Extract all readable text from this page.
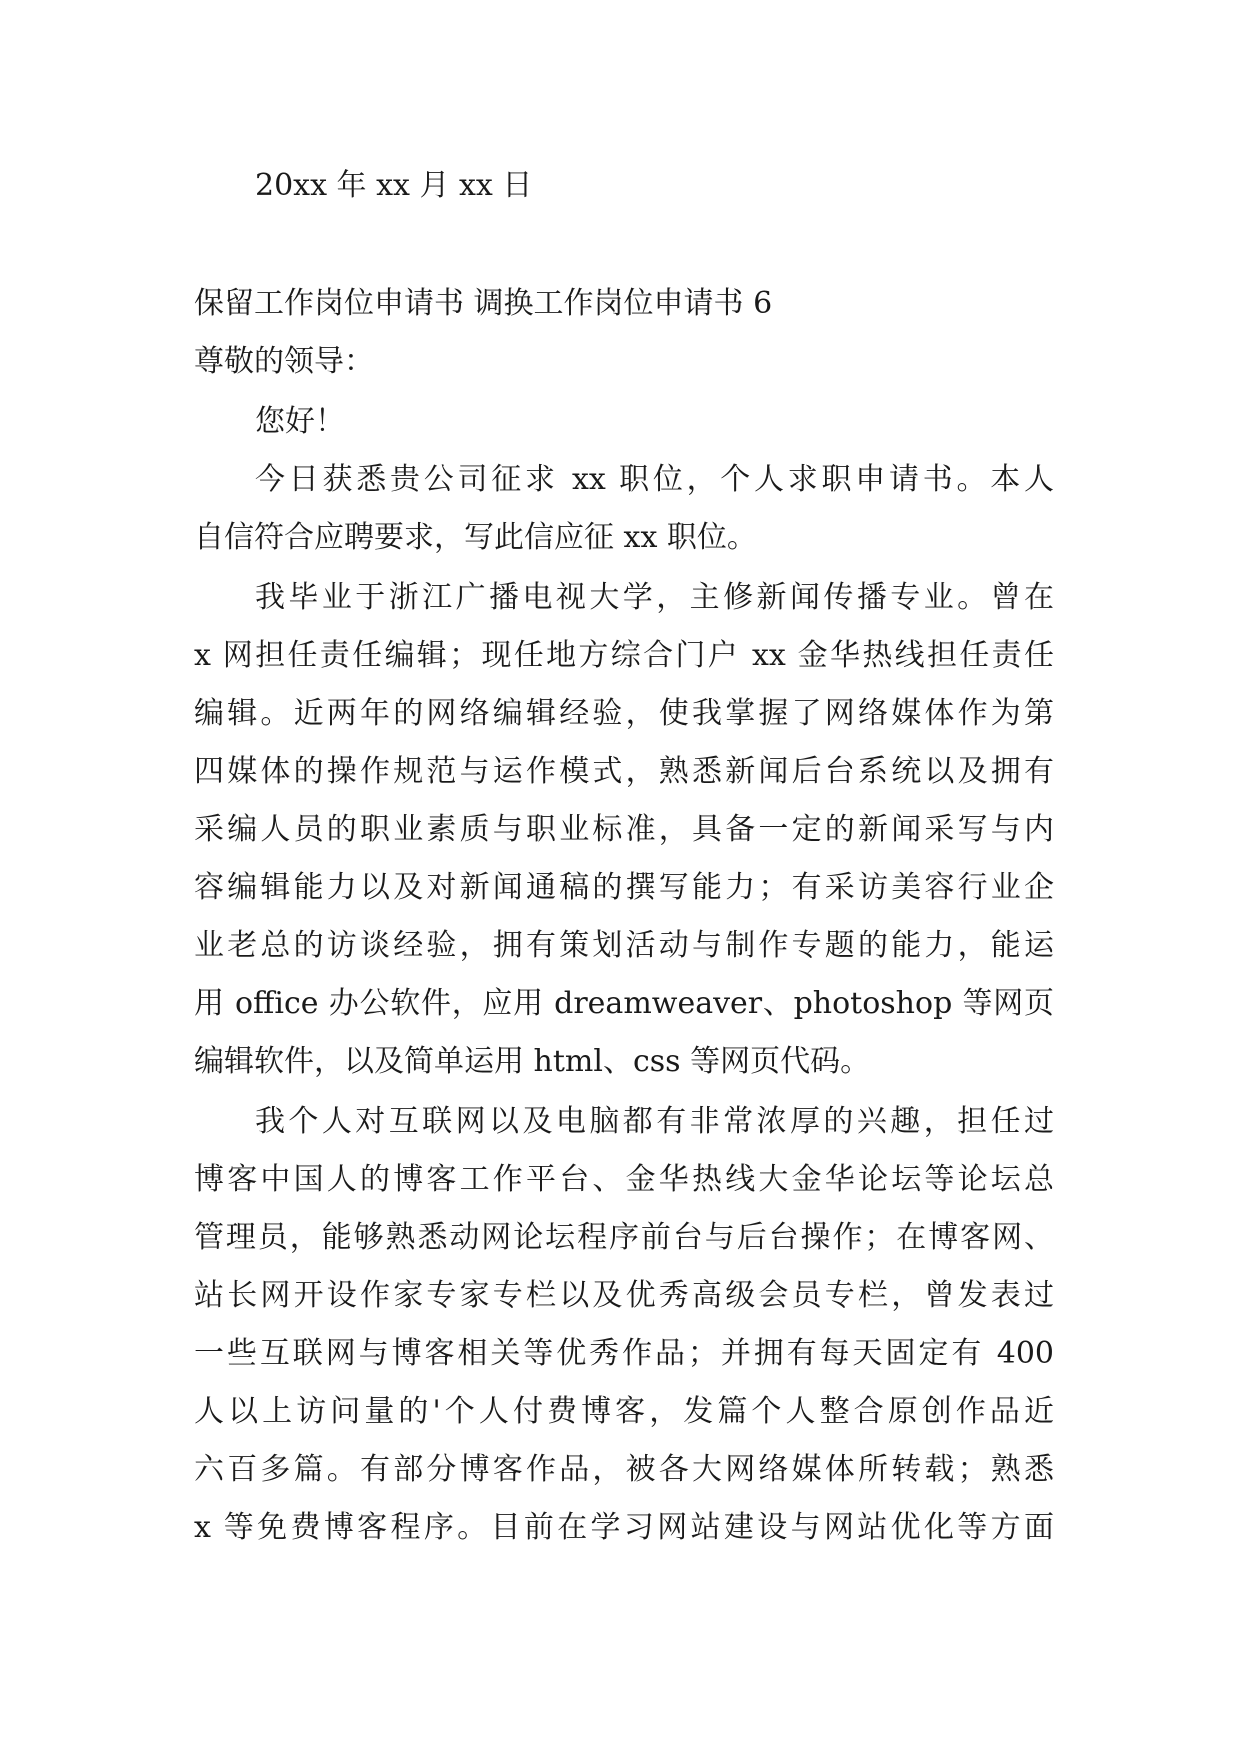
20xx 年 xx 月 xx 日
保留工作岗位申请书 调换工作岗位申请书 6
尊敬的领导：
您好！
今日获悉贵公司征求 xx 职位，个人求职申请书。本人
自信符合应聘要求，写此信应征 xx 职位。
我毕业于浙江广播电视大学，主修新闻传播专业。曾在
x 网担任责任编辑；现任地方综合门户 xx 金华热线担任责任
编辑。近两年的网络编辑经验，使我掌握了网络媒体作为第
四媒体的操作规范与运作模式，熟悉新闻后台系统以及拥有
采编人员的职业素质与职业标准，具备一定的新闻采写与内
容编辑能力以及对新闻通稿的撰写能力；有采访美容行业企
业老总的访谈经验，拥有策划活动与制作专题的能力，能运
用 office 办公软件，应用 dreamweaver、photoshop 等网页
编辑软件，以及简单运用 html、css 等网页代码。
我个人对互联网以及电脑都有非常浓厚的兴趣，担任过
博客中国人的博客工作平台、金华热线大金华论坛等论坛总
管理员，能够熟悉动网论坛程序前台与后台操作；在博客网、
站长网开设作家专家专栏以及优秀高级会员专栏，曾发表过
一些互联网与博客相关等优秀作品；并拥有每天固定有 400
人以上访问量的'个人付费博客，发篇个人整合原创作品近
六百多篇。有部分博客作品，被各大网络媒体所转载；熟悉
x 等免费博客程序。目前在学习网站建设与网站优化等方面
